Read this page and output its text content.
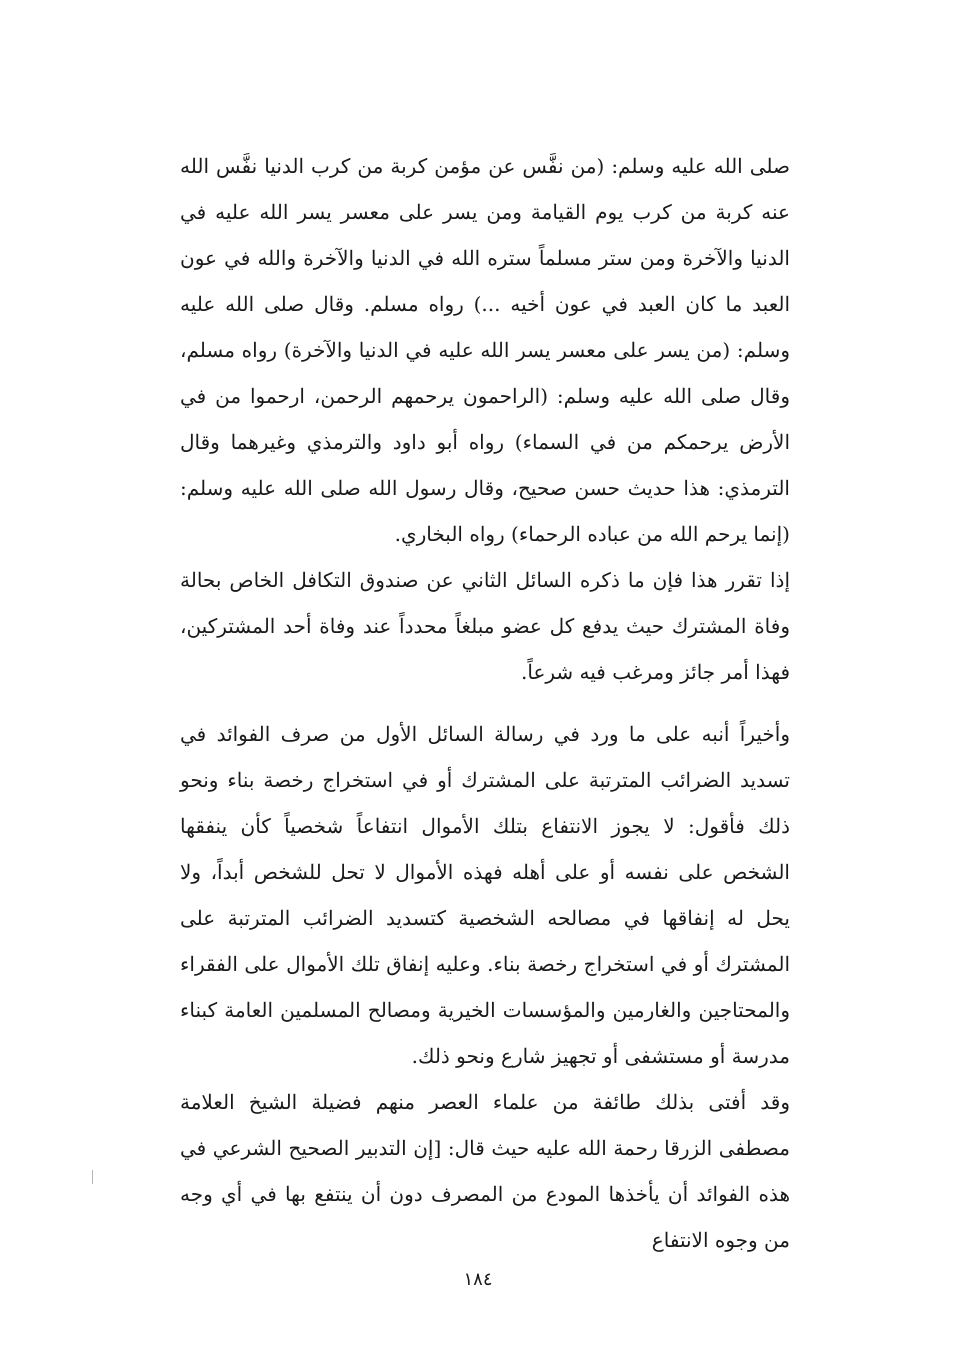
صلى الله عليه وسلم: (من نفَّس عن مؤمن كربة من كرب الدنيا نفَّس الله عنه كربة من كرب يوم القيامة ومن يسر على معسر يسر الله عليه في الدنيا والآخرة ومن ستر مسلماً ستره الله في الدنيا والآخرة والله في عون العبد ما كان العبد في عون أخيه ...) رواه مسلم. وقال صلى الله عليه وسلم: (من يسر على معسر يسر الله عليه في الدنيا والآخرة) رواه مسلم، وقال صلى الله عليه وسلم: (الراحمون يرحمهم الرحمن، ارحموا من في الأرض يرحمكم من في السماء) رواه أبو داود والترمذي وغيرهما وقال الترمذي: هذا حديث حسن صحيح، وقال رسول الله صلى الله عليه وسلم: (إنما يرحم الله من عباده الرحماء) رواه البخاري.

إذا تقرر هذا فإن ما ذكره السائل الثاني عن صندوق التكافل الخاص بحالة وفاة المشترك حيث يدفع كل عضو مبلغاً محدداً عند وفاة أحد المشتركين، فهذا أمر جائز ومرغب فيه شرعاً.

وأخيراً أنبه على ما ورد في رسالة السائل الأول من صرف الفوائد في تسديد الضرائب المترتبة على المشترك أو في استخراج رخصة بناء ونحو ذلك فأقول: لا يجوز الانتفاع بتلك الأموال انتفاعاً شخصياً كأن ينفقها الشخص على نفسه أو على أهله فهذه الأموال لا تحل للشخص أبداً، ولا يحل له إنفاقها في مصالحه الشخصية كتسديد الضرائب المترتبة على المشترك أو في استخراج رخصة بناء. وعليه إنفاق تلك الأموال على الفقراء والمحتاجين والغارمين والمؤسسات الخيرية ومصالح المسلمين العامة كبناء مدرسة أو مستشفى أو تجهيز شارع ونحو ذلك.

وقد أفتى بذلك طائفة من علماء العصر منهم فضيلة الشيخ العلامة مصطفى الزرقا رحمة الله عليه حيث قال: [إن التدبير الصحيح الشرعي في هذه الفوائد أن يأخذها المودع من المصرف دون أن ينتفع بها في أي وجه من وجوه الانتفاع

١٨٤
